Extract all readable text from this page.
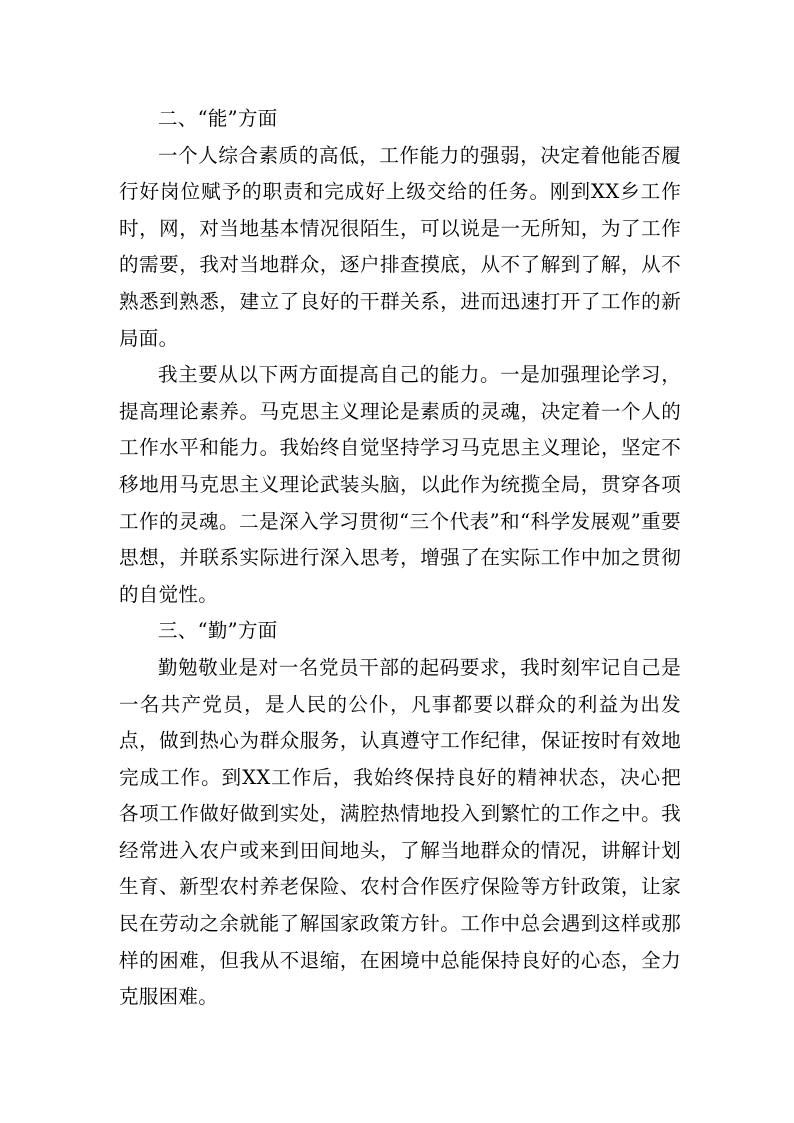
二、“能”方面

一个人综合素质的高低，工作能力的强弱，决定着他能否履行好岗位赋予的职责和完成好上级交给的任务。刚到XX乡工作时，网，对当地基本情况很陌生，可以说是一无所知，为了工作的需要，我对当地群众，逐户排查摸底，从不了解到了解，从不熟悉到熟悉，建立了良好的干群关系，进而迅速打开了工作的新局面。

我主要从以下两方面提高自己的能力。一是加强理论学习，提高理论素养。马克思主义理论是素质的灵魂，决定着一个人的工作水平和能力。我始终自觉坚持学习马克思主义理论，坚定不移地用马克思主义理论武装头脑，以此作为统揽全局，贯穿各项工作的灵魂。二是深入学习贯彻“三个代表”和“科学发展观”重要思想，并联系实际进行深入思考，增强了在实际工作中加之贯彻的自觉性。

三、“勤”方面

勤勉敬业是对一名党员干部的起码要求，我时刻牢记自己是一名共产党员，是人民的公仆，凡事都要以群众的利益为出发点，做到热心为群众服务，认真遵守工作纪律，保证按时有效地完成工作。到XX工作后，我始终保持良好的精神状态，决心把各项工作做好做到实处，满腔热情地投入到繁忙的工作之中。我经常进入农户或来到田间地头，了解当地群众的情况，讲解计划生育、新型农村养老保险、农村合作医疗保险等方针政策，让家民在劳动之余就能了解国家政策方针。工作中总会遇到这样或那样的困难，但我从不退缩，在困境中总能保持良好的心态，全力克服困难。
